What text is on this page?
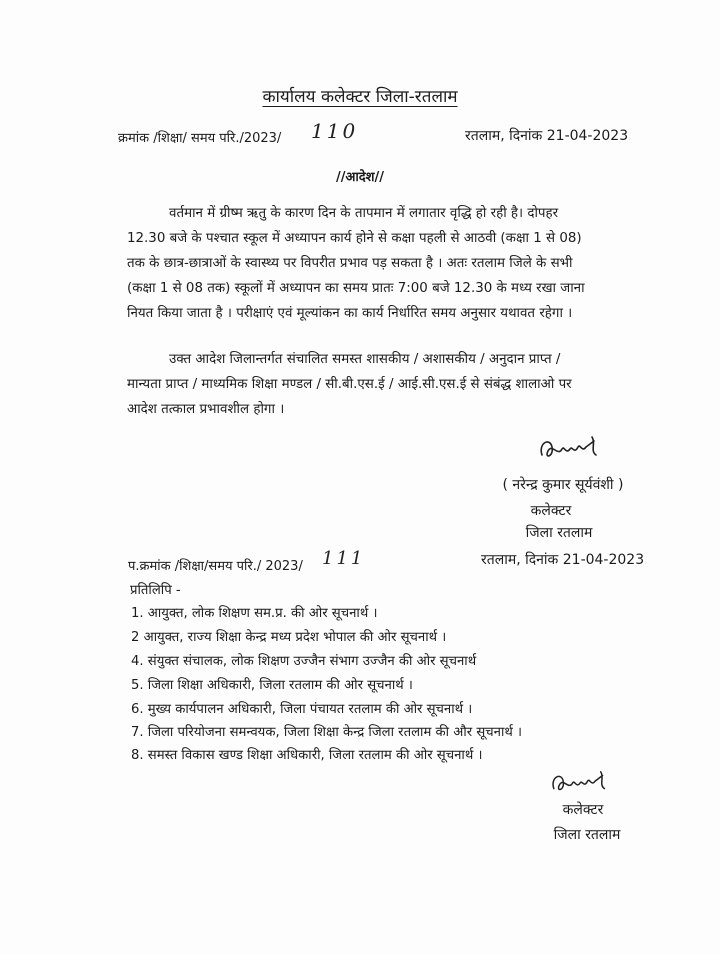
कार्यालय कलेक्टर जिला-रतलाम
क्रमांक /शिक्षा/ समय परि./2023/ 110	रतलाम, दिनांक 21-04-2023
//आदेश//
वर्तमान में ग्रीष्म ऋतु के कारण दिन के तापमान में लगातार वृद्धि हो रही है। दोपहर
12.30 बजे के पश्चात स्कूल में अध्यापन कार्य होने से कक्षा पहली से आठवी (कक्षा 1 से 08)
तक के छात्र-छात्राओं के स्वास्थ्य पर विपरीत प्रभाव पड़ सकता है । अतः रतलाम जिले के सभी
(कक्षा 1 से 08 तक) स्कूलों में अध्यापन का समय प्रातः 7:00 बजे 12.30 के मध्य रखा जाना
नियत किया जाता है । परीक्षाएं एवं मूल्यांकन का कार्य निर्धारित समय अनुसार यथावत रहेगा ।
उक्त आदेश जिलान्तर्गत संचालित समस्त शासकीय / अशासकीय / अनुदान प्राप्त /
मान्यता प्राप्त / माध्यमिक शिक्षा मण्डल / सी.बी.एस.ई / आई.सी.एस.ई से संबंद्ध शालाओ पर
आदेश तत्काल प्रभावशील होगा ।
( नरेन्द्र कुमार सूर्यवंशी )
कलेक्टर
जिला रतलाम
प.क्रमांक /शिक्षा/समय परि./ 2023/ 111	रतलाम, दिनांक 21-04-2023
प्रतिलिपि -
1. आयुक्त, लोक शिक्षण सम.प्र. की ओर सूचनार्थ ।
2 आयुक्त, राज्य शिक्षा केन्द्र मध्य प्रदेश भोपाल की ओर सूचनार्थ ।
4. संयुक्त संचालक, लोक शिक्षण उज्जैन संभाग उज्जैन की ओर सूचनार्थ
5. जिला शिक्षा अधिकारी, जिला रतलाम की ओर सूचनार्थ ।
6. मुख्य कार्यपालन अधिकारी, जिला पंचायत रतलाम की ओर सूचनार्थ ।
7. जिला परियोजना समन्वयक, जिला शिक्षा केन्द्र जिला रतलाम की और सूचनार्थ ।
8. समस्त विकास खण्ड शिक्षा अधिकारी, जिला रतलाम की ओर सूचनार्थ ।
कलेक्टर
जिला रतलाम
